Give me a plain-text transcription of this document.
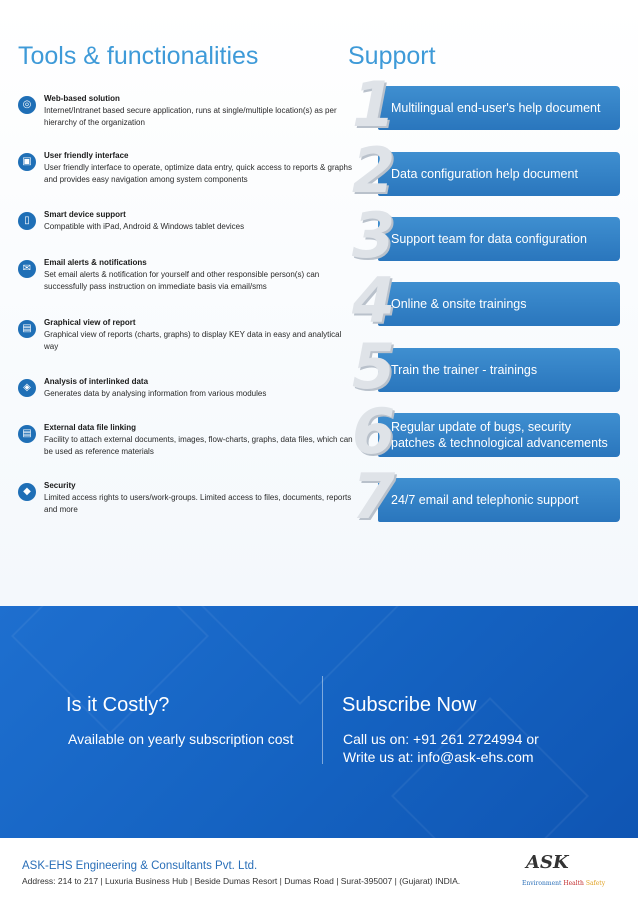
Tools & functionalities	Support
◎
Web-based solution
Internet/Intranet based secure application, runs at single/multiple location(s) as per hierarchy of the organization
▣
User friendly interface
User friendly interface to operate, optimize data entry, quick access to reports & graphs and provides easy navigation among system components
▯
Smart device support
Compatible with iPad, Android & Windows tablet devices
✉
Email alerts & notifications
Set email alerts & notification for yourself and other responsible person(s) can successfully pass instruction on immediate basis via email/sms
▤
Graphical view of report
Graphical view of reports (charts, graphs) to display KEY data in easy and analytical way
◈
Analysis of interlinked data
Generates data by analysing information from various modules
▤
External data file linking
Facility to attach external documents, images, flow-charts, graphs, data files, which can be used as reference materials
◆
Security
Limited access rights to users/work-groups. Limited access to files, documents, reports and more
1
Multilingual end-user's help document
2
Data configuration help document
3
Support team for data configuration
4
Online & onsite trainings
5
Train the trainer - trainings
6
Regular update of bugs, security patches & technological advancements
7
24/7 email and telephonic support
Is it Costly?
Available on yearly subscription cost
Subscribe Now
Call us on: +91 261 2724994 or
Write us at: info@ask-ehs.com
ASK-EHS Engineering & Consultants Pvt. Ltd.
Address: 214 to 217 | Luxuria Business Hub | Beside Dumas Resort | Dumas Road | Surat-395007 | (Gujarat) INDIA.
ASK
Environment Health Safety
